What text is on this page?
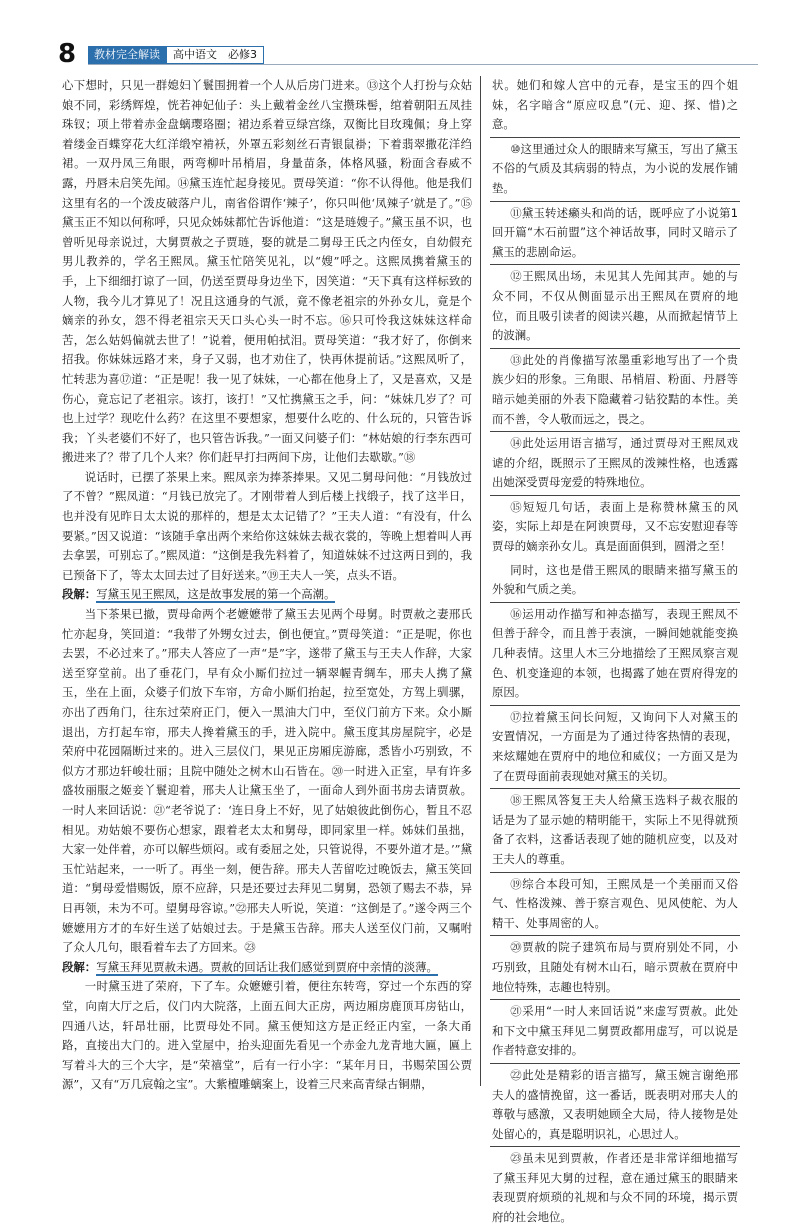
8	教材完全解读	高中语文　必修3

心下想时，只见一群媳妇丫鬟围拥着一个人从后房门进来。⑬这个人打扮与众姑娘不同，彩绣辉煌，恍若神妃仙子：头上戴着金丝八宝攒珠髻，绾着朝阳五凤挂珠钗；项上带着赤金盘螭璎珞圈；裙边系着豆绿宫绦，双衡比目玫瑰佩；身上穿着缕金百蝶穿花大红洋缎窄褃袄，外罩五彩刻丝石青银鼠褂；下着翡翠撒花洋绉裙。一双丹凤三角眼，两弯柳叶吊梢眉，身量苗条，体格风骚，粉面含春威不露，丹唇未启笑先闻。⑭黛玉连忙起身接见。贾母笑道：“你不认得他。他是我们这里有名的一个泼皮破落户儿，南省俗谓作‘辣子’，你只叫他‘凤辣子’就是了。”⑮黛玉正不知以何称呼，只见众姊妹都忙告诉他道：“这是琏嫂子。”黛玉虽不识，也曾听见母亲说过，大舅贾赦之子贾琏，娶的就是二舅母王氏之内侄女，自幼假充男儿教养的，学名王熙凤。黛玉忙陪笑见礼，以“嫂”呼之。这熙凤携着黛玉的手，上下细细打谅了一回，仍送至贾母身边坐下，因笑道：“天下真有这样标致的人物，我今儿才算见了！况且这通身的气派，竟不像老祖宗的外孙女儿，竟是个嫡亲的孙女，怨不得老祖宗天天口头心头一时不忘。⑯只可怜我这妹妹这样命苦，怎么姑妈偏就去世了！”说着，便用帕拭泪。贾母笑道：“我才好了，你倒来招我。你妹妹远路才来，身子又弱，也才劝住了，快再休提前话。”这熙凤听了，忙转悲为喜⑰道：“正是呢！我一见了妹妹，一心都在他身上了，又是喜欢，又是伤心，竟忘记了老祖宗。该打，该打！”又忙携黛玉之手，问：“妹妹几岁了？可也上过学？现吃什么药？在这里不要想家，想要什么吃的、什么玩的，只管告诉我；丫头老婆们不好了，也只管告诉我。”一面又问婆子们：“林姑娘的行李东西可搬进来了？带了几个人来？你们赶早打扫两间下房，让他们去歇歇。”⑱

说话时，已摆了茶果上来。熙凤亲为捧茶捧果。又见二舅母问他：“月钱放过了不曾？”熙凤道：“月钱已放完了。才刚带着人到后楼上找缎子，找了这半日，也并没有见昨日太太说的那样的，想是太太记错了？”王夫人道：“有没有，什么要紧。”因又说道：“该随手拿出两个来给你这妹妹去裁衣裳的，等晚上想着叫人再去拿罢，可别忘了。”熙凤道：“这倒是我先料着了，知道妹妹不过这两日到的，我已预备下了，等太太回去过了目好送来。”⑲王夫人一笑，点头不语。

段解：写黛玉见王熙凤，这是故事发展的第一个高潮。

当下茶果已撤，贾母命两个老嬷嬷带了黛玉去见两个母舅。时贾赦之妻邢氏忙亦起身，笑回道：“我带了外甥女过去，倒也便宜。”贾母笑道：“正是呢，你也去罢，不必过来了。”邢夫人答应了一声“是”字，遂带了黛玉与王夫人作辞，大家送至穿堂前。出了垂花门，早有众小厮们拉过一辆翠幄青绸车，邢夫人携了黛玉，坐在上面，众婆子们放下车帘，方命小厮们抬起，拉至宽处，方驾上驯骡，亦出了西角门，往东过荣府正门，便入一黑油大门中，至仪门前方下来。众小厮退出，方打起车帘，邢夫人搀着黛玉的手，进入院中。黛玉度其房屋院宇，必是荣府中花园隔断过来的。进入三层仪门，果见正房厢庑游廊，悉皆小巧别致，不似方才那边轩峻壮丽；且院中随处之树木山石皆在。⑳一时进入正室，早有许多盛妆丽服之姬妾丫鬟迎着，邢夫人让黛玉坐了，一面命人到外面书房去请贾赦。一时人来回话说：㉑“老爷说了：‘连日身上不好，见了姑娘彼此倒伤心，暂且不忍相见。劝姑娘不要伤心想家，跟着老太太和舅母，即同家里一样。姊妹们虽拙，大家一处伴着，亦可以解些烦闷。或有委屈之处，只管说得，不要外道才是。’”黛玉忙站起来，一一听了。再坐一刻，便告辞。邢夫人苦留吃过晚饭去，黛玉笑回道：“舅母爱惜赐饭，原不应辞，只是还要过去拜见二舅舅，恐领了赐去不恭，异日再领，未为不可。望舅母容谅。”㉒邢夫人听说，笑道：“这倒是了。”遂令两三个嬷嬷用方才的车好生送了姑娘过去。于是黛玉告辞。邢夫人送至仪门前，又嘱咐了众人几句，眼看着车去了方回来。㉓

段解：写黛玉拜见贾赦未遇。贾赦的回话让我们感觉到贾府中亲情的淡薄。

一时黛玉进了荣府，下了车。众嬷嬷引着，便往东转弯，穿过一个东西的穿堂，向南大厅之后，仪门内大院落，上面五间大正房，两边厢房鹿顶耳房钻山，四通八达，轩昂壮丽，比贾母处不同。黛玉便知这方是正经正内室，一条大甬路，直接出大门的。进入堂屋中，抬头迎面先看见一个赤金九龙青地大匾，匾上写着斗大的三个大字，是“荣禧堂”，后有一行小字：“某年月日，书赐荣国公贾源”，又有“万几宸翰之宝”。大紫檀雕螭案上，设着三尺来高青绿古铜鼎，

状。她们和嫁人宫中的元春，是宝玉的四个姐妹，名字暗含“原应叹息”(元、迎、探、惜)之意。

⑩这里通过众人的眼睛来写黛玉，写出了黛玉不俗的气质及其病弱的特点，为小说的发展作铺垫。

⑪黛玉转述癞头和尚的话，既呼应了小说第1回开篇“木石前盟”这个神话故事，同时又暗示了黛玉的悲剧命运。

⑫王熙凤出场，未见其人先闻其声。她的与众不同，不仅从侧面显示出王熙凤在贾府的地位，而且吸引读者的阅读兴趣，从而掀起情节上的波澜。

⑬此处的肖像描写浓墨重彩地写出了一个贵族少妇的形象。三角眼、吊梢眉、粉面、丹唇等暗示她美丽的外表下隐藏着刁钻狡黠的本性。美而不善，令人敬而远之，畏之。

⑭此处运用语言描写，通过贾母对王熙凤戏谑的介绍，既照示了王熙凤的泼辣性格，也透露出她深受贾母宠爱的特殊地位。

⑮短短几句话，表面上是称赞林黛玉的风姿，实际上却是在阿谀贾母，又不忘安慰迎春等贾母的嫡亲孙女儿。真是面面俱到，圆滑之至！

同时，这也是借王熙凤的眼睛来描写黛玉的外貌和气质之美。

⑯运用动作描写和神态描写，表现王熙凤不但善于辞令，而且善于表演，一瞬间她就能变换几种表情。这里人木三分地描绘了王熙凤察言观色、机变逢迎的本领，也揭露了她在贾府得宠的原因。

⑰拉着黛玉问长问短，又询问下人对黛玉的安置情况，一方面是为了通过待客热情的表现，来炫耀她在贾府中的地位和威仪；一方面又是为了在贾母面前表现她对黛玉的关切。

⑱王熙凤答复王夫人给黛玉选料子裁衣服的话是为了显示她的精明能干，实际上不见得就预备了衣料，这番话表现了她的随机应变，以及对王夫人的尊重。

⑲综合本段可知，王熙凤是一个美丽而又俗气、性格泼辣、善于察言观色、见风使舵、为人精干、处事周密的人。

⑳贾赦的院子建筑布局与贾府别处不同，小巧别致，且随处有树木山石，暗示贾赦在贾府中地位特殊，志趣也特别。

㉑采用“一时人来回话说”来虚写贾赦。此处和下文中黛玉拜见二舅贾政都用虚写，可以说是作者特意安排的。

㉒此处是精彩的语言描写，黛玉婉言谢绝邢夫人的盛情挽留，这一番话，既表明对邢夫人的尊敬与感激，又表明她顾全大局，待人接物是处处留心的，真是聪明识礼，心思过人。

㉓虽未见到贾赦，作者还是非常详细地描写了黛玉拜见大舅的过程，意在通过黛玉的眼睛来表现贾府烦琐的礼规和与众不同的环境，揭示贾府的社会地位。
